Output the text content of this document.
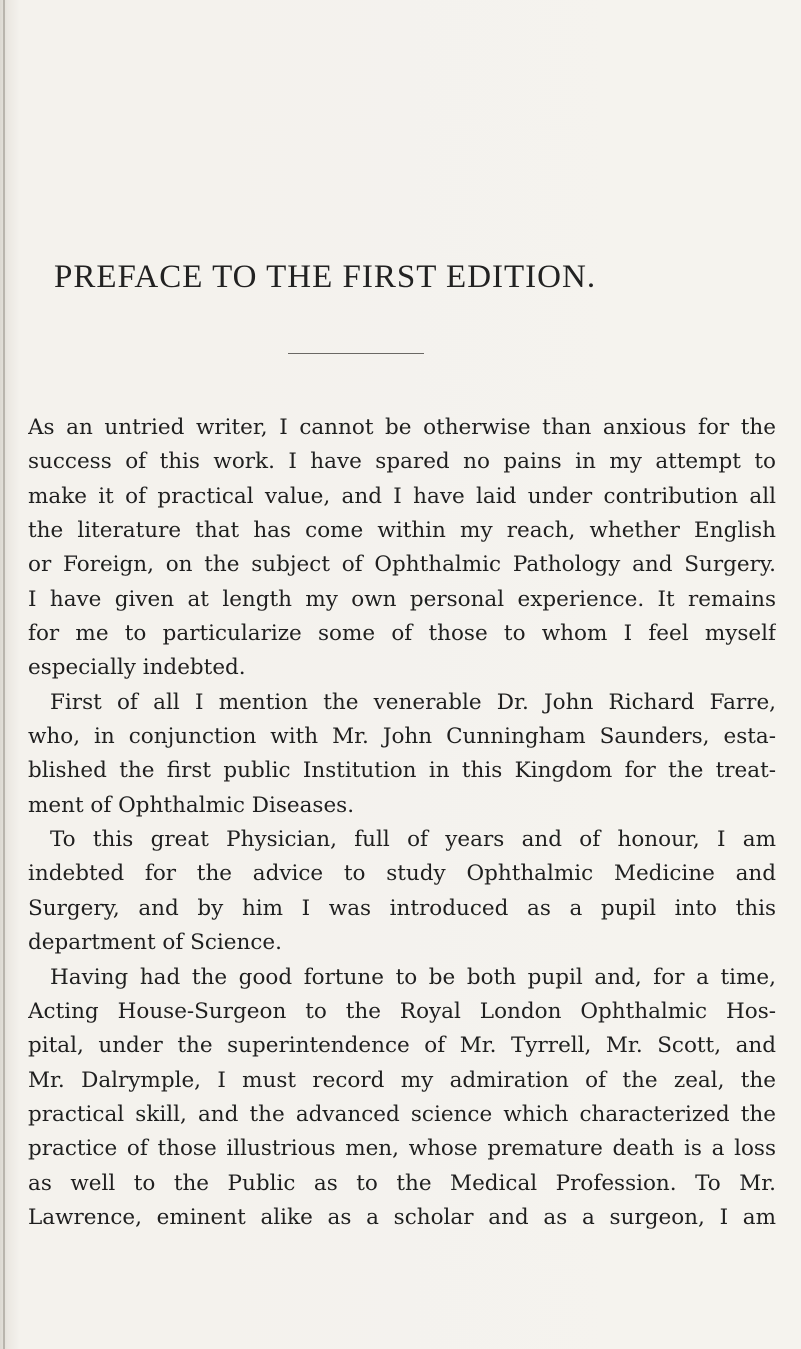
PREFACE TO THE FIRST EDITION.
As an untried writer, I cannot be otherwise than anxious for the
success of this work. I have spared no pains in my attempt to
make it of practical value, and I have laid under contribution all
the literature that has come within my reach, whether English
or Foreign, on the subject of Ophthalmic Pathology and Surgery.
I have given at length my own personal experience. It remains
for me to particularize some of those to whom I feel myself
especially indebted.
First of all I mention the venerable Dr. John Richard Farre,
who, in conjunction with Mr. John Cunningham Saunders, esta-
blished the first public Institution in this Kingdom for the treat-
ment of Ophthalmic Diseases.
To this great Physician, full of years and of honour, I am
indebted for the advice to study Ophthalmic Medicine and
Surgery, and by him I was introduced as a pupil into this
department of Science.
Having had the good fortune to be both pupil and, for a time,
Acting House-Surgeon to the Royal London Ophthalmic Hos-
pital, under the superintendence of Mr. Tyrrell, Mr. Scott, and
Mr. Dalrymple, I must record my admiration of the zeal, the
practical skill, and the advanced science which characterized the
practice of those illustrious men, whose premature death is a loss
as well to the Public as to the Medical Profession. To Mr.
Lawrence, eminent alike as a scholar and as a surgeon, I am
